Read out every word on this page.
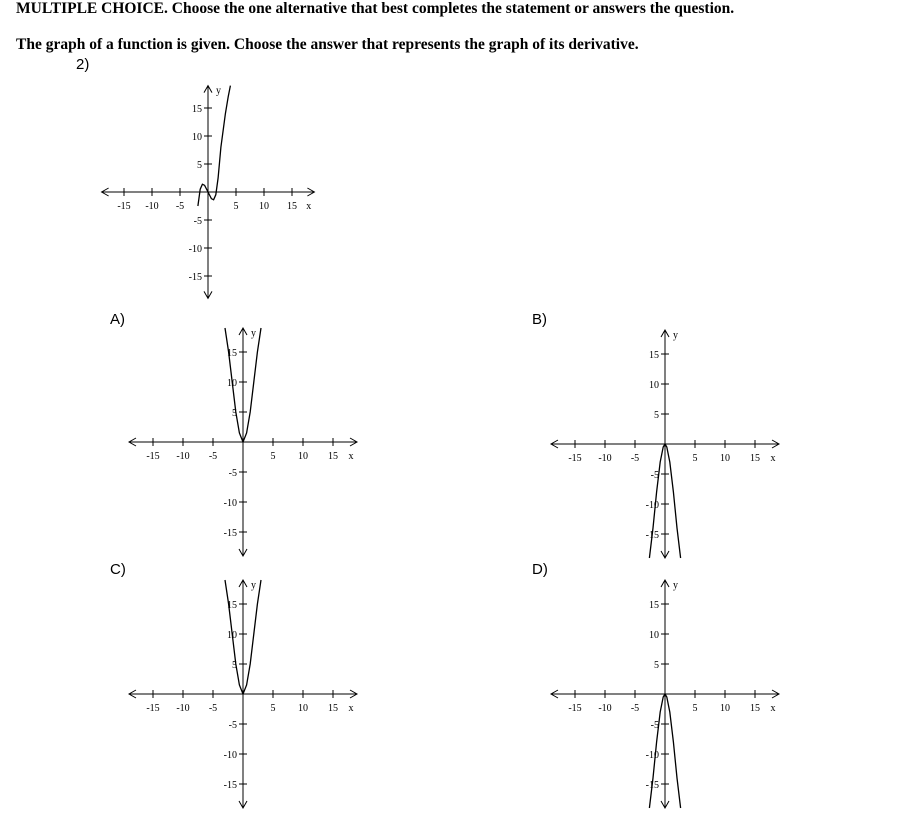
MULTIPLE CHOICE. Choose the one alternative that best completes the statement or answers the question.
The graph of a function is given. Choose the answer that represents the graph of its derivative.
2)
A)	B)
C)	D)
-15 -10 -5	5 10 15 x
15
10
5
-5
-10
-15
y
-15 -10 -5	5 10 15 x
15
10
5
-5
-10
-15
y
-15 -10 -5	5 10 15 x
15
10
5
-5
-10
-15
y
-15 -10 -5	5 10 15 x
15
10
5
-5
-10
-15
y
-15 -10 -5	5 10 15 x
15
10
5
-5
-10
-15
y
